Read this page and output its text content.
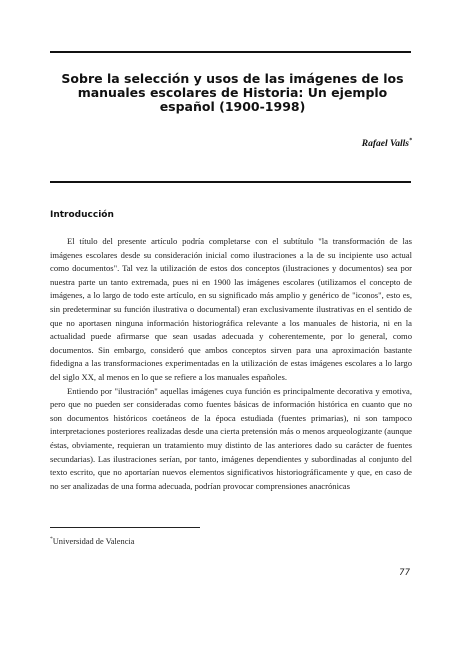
Sobre la selección y usos de las imágenes de los manuales escolares de Historia: Un ejemplo español (1900-1998)
Rafael Valls*
Introducción

El título del presente artículo podría completarse con el subtítulo "la transformación de las imágenes escolares desde su consideración inicial como ilustraciones a la de su incipiente uso actual como documentos". Tal vez la utilización de estos dos conceptos (ilustraciones y documentos) sea por nuestra parte un tanto extremada, pues ni en 1900 las imágenes escolares (utilizamos el concepto de imágenes, a lo largo de todo este artículo, en su significado más amplio y genérico de "iconos", esto es, sin predeterminar su función ilustrativa o documental) eran exclusivamente ilustrativas en el sentido de que no aportasen ninguna información historiográfica relevante a los manuales de historia, ni en la actualidad puede afirmarse que sean usadas adecuada y coherentemente, por lo general, como documentos. Sin embargo, consideró que ambos conceptos sirven para una aproximación bastante fidedigna a las transformaciones experimentadas en la utilización de estas imágenes escolares a lo largo del siglo XX, al menos en lo que se refiere a los manuales españoles.

Entiendo por "ilustración" aquellas imágenes cuya función es principalmente decorativa y emotiva, pero que no pueden ser consideradas como fuentes básicas de información histórica en cuanto que no son documentos históricos coetáneos de la época estudiada (fuentes primarias), ni son tampoco interpretaciones posteriores realizadas desde una cierta pretensión más o menos arqueologizante (aunque éstas, obviamente, requieran un tratamiento muy distinto de las anteriores dado su carácter de fuentes secundarias). Las ilustraciones serían, por tanto, imágenes dependientes y subordinadas al conjunto del texto escrito, que no aportarían nuevos elementos significativos historiográficamente y que, en caso de no ser analizadas de una forma adecuada, podrían provocar comprensiones anacrónicas

*Universidad de Valencia
77
